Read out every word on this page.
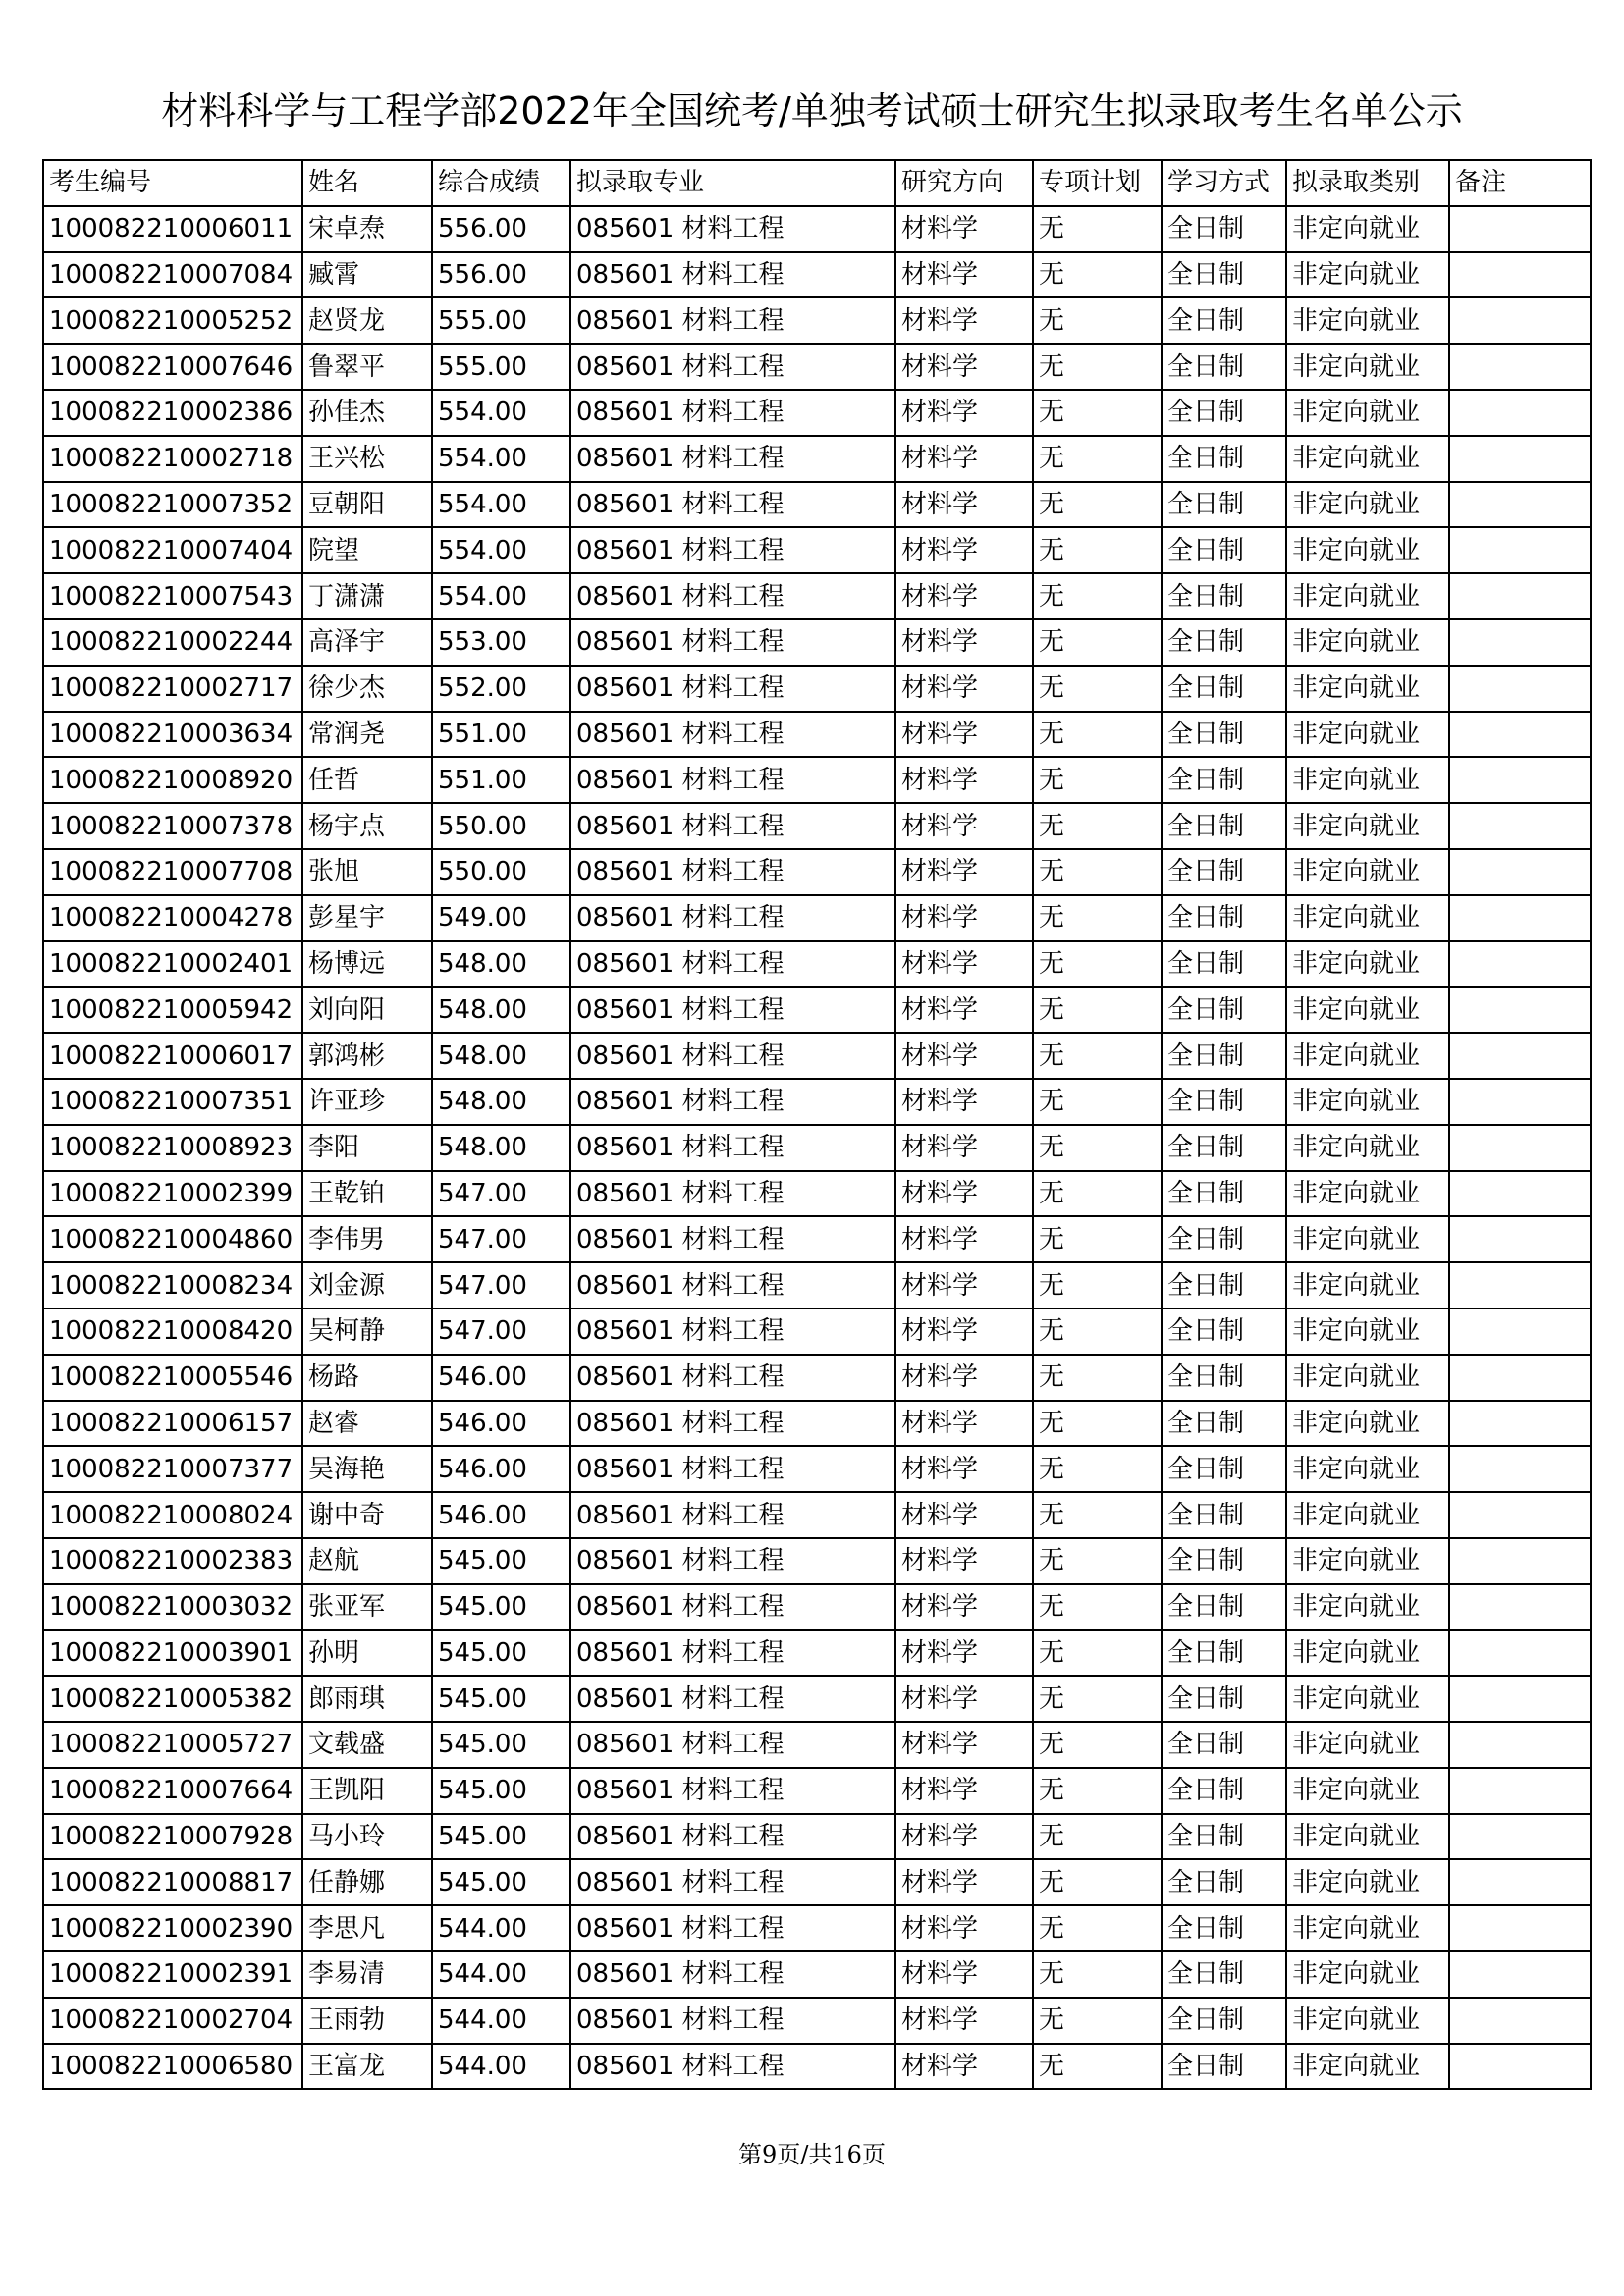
材料科学与工程学部2022年全国统考/单独考试硕士研究生拟录取考生名单公示
考生编号	姓名	综合成绩	拟录取专业	研究方向	专项计划	学习方式	拟录取类别	备注
100082210006011	宋卓焘	556.00	085601 材料工程	材料学	无	全日制	非定向就业	
100082210007084	臧霄	556.00	085601 材料工程	材料学	无	全日制	非定向就业	
100082210005252	赵贤龙	555.00	085601 材料工程	材料学	无	全日制	非定向就业	
100082210007646	鲁翠平	555.00	085601 材料工程	材料学	无	全日制	非定向就业	
100082210002386	孙佳杰	554.00	085601 材料工程	材料学	无	全日制	非定向就业	
100082210002718	王兴松	554.00	085601 材料工程	材料学	无	全日制	非定向就业	
100082210007352	豆朝阳	554.00	085601 材料工程	材料学	无	全日制	非定向就业	
100082210007404	院望	554.00	085601 材料工程	材料学	无	全日制	非定向就业	
100082210007543	丁潇潇	554.00	085601 材料工程	材料学	无	全日制	非定向就业	
100082210002244	高泽宇	553.00	085601 材料工程	材料学	无	全日制	非定向就业	
100082210002717	徐少杰	552.00	085601 材料工程	材料学	无	全日制	非定向就业	
100082210003634	常润尧	551.00	085601 材料工程	材料学	无	全日制	非定向就业	
100082210008920	任哲	551.00	085601 材料工程	材料学	无	全日制	非定向就业	
100082210007378	杨宇点	550.00	085601 材料工程	材料学	无	全日制	非定向就业	
100082210007708	张旭	550.00	085601 材料工程	材料学	无	全日制	非定向就业	
100082210004278	彭星宇	549.00	085601 材料工程	材料学	无	全日制	非定向就业	
100082210002401	杨博远	548.00	085601 材料工程	材料学	无	全日制	非定向就业	
100082210005942	刘向阳	548.00	085601 材料工程	材料学	无	全日制	非定向就业	
100082210006017	郭鸿彬	548.00	085601 材料工程	材料学	无	全日制	非定向就业	
100082210007351	许亚珍	548.00	085601 材料工程	材料学	无	全日制	非定向就业	
100082210008923	李阳	548.00	085601 材料工程	材料学	无	全日制	非定向就业	
100082210002399	王乾铂	547.00	085601 材料工程	材料学	无	全日制	非定向就业	
100082210004860	李伟男	547.00	085601 材料工程	材料学	无	全日制	非定向就业	
100082210008234	刘金源	547.00	085601 材料工程	材料学	无	全日制	非定向就业	
100082210008420	吴柯静	547.00	085601 材料工程	材料学	无	全日制	非定向就业	
100082210005546	杨路	546.00	085601 材料工程	材料学	无	全日制	非定向就业	
100082210006157	赵睿	546.00	085601 材料工程	材料学	无	全日制	非定向就业	
100082210007377	吴海艳	546.00	085601 材料工程	材料学	无	全日制	非定向就业	
100082210008024	谢中奇	546.00	085601 材料工程	材料学	无	全日制	非定向就业	
100082210002383	赵航	545.00	085601 材料工程	材料学	无	全日制	非定向就业	
100082210003032	张亚军	545.00	085601 材料工程	材料学	无	全日制	非定向就业	
100082210003901	孙明	545.00	085601 材料工程	材料学	无	全日制	非定向就业	
100082210005382	郎雨琪	545.00	085601 材料工程	材料学	无	全日制	非定向就业	
100082210005727	文载盛	545.00	085601 材料工程	材料学	无	全日制	非定向就业	
100082210007664	王凯阳	545.00	085601 材料工程	材料学	无	全日制	非定向就业	
100082210007928	马小玲	545.00	085601 材料工程	材料学	无	全日制	非定向就业	
100082210008817	任静娜	545.00	085601 材料工程	材料学	无	全日制	非定向就业	
100082210002390	李思凡	544.00	085601 材料工程	材料学	无	全日制	非定向就业	
100082210002391	李易清	544.00	085601 材料工程	材料学	无	全日制	非定向就业	
100082210002704	王雨勃	544.00	085601 材料工程	材料学	无	全日制	非定向就业	
100082210006580	王富龙	544.00	085601 材料工程	材料学	无	全日制	非定向就业	
第9页/共16页
